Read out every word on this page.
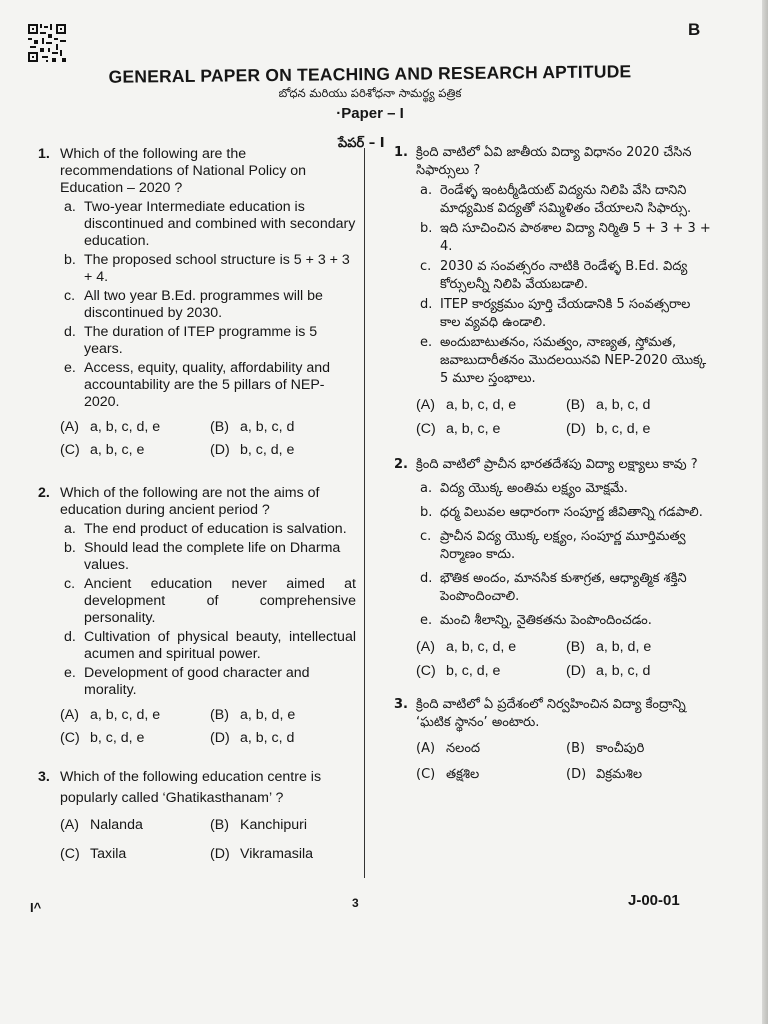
B
GENERAL PAPER ON TEACHING AND RESEARCH APTITUDE
బోధన మరియు పరిశోధనా సామర్థ్య పత్రిక
·Paper – I
పేపర్ – I
1. Which of the following are the recommendations of National Policy on Education – 2020 ?
a. Two-year Intermediate education is discontinued and combined with secondary education.
b. The proposed school structure is 5 + 3 + 3 + 4.
c. All two year B.Ed. programmes will be discontinued by 2030.
d. The duration of ITEP programme is 5 years.
e. Access, equity, quality, affordability and accountability are the 5 pillars of NEP-2020.
(A) a, b, c, d, e	(B) a, b, c, d
(C) a, b, c, e	(D) b, c, d, e
2. Which of the following are not the aims of education during ancient period ?
a. The end product of education is salvation.
b. Should lead the complete life on Dharma values.
c. Ancient education never aimed at development of comprehensive personality.
d. Cultivation of physical beauty, intellectual acumen and spiritual power.
e. Development of good character and morality.
(A) a, b, c, d, e	(B) a, b, d, e
(C) b, c, d, e	(D) a, b, c, d
3. Which of the following education centre is popularly called ‘Ghatikasthanam’ ?
(A) Nalanda	(B) Kanchipuri
(C) Taxila	(D) Vikramasila
1. క్రింది వాటిలో ఏవి జాతీయ విద్యా విధానం 2020 చేసిన సిఫార్సులు ?
a. రెండేళ్ళ ఇంటర్మీడియట్ విద్యను నిలిపి వేసి దానిని మాధ్యమిక విద్యతో సమ్మిళితం చేయాలని సిఫార్సు.
b. ఇది సూచించిన పాఠశాల విద్యా నిర్మితి 5 + 3 + 3 + 4.
c. 2030 వ సంవత్సరం నాటికి రెండేళ్ళ B.Ed. విద్య కోర్సులన్నీ నిలిపి వేయబడాలి.
d. ITEP కార్యక్రమం పూర్తి చేయడానికి 5 సంవత్సరాల కాల వ్యవధి ఉండాలి.
e. అందుబాటుతనం, సమత్వం, నాణ్యత, స్తోమత, జవాబుదారీతనం మొదలయినవి NEP-2020 యొక్క 5 మూల స్తంభాలు.
(A) a, b, c, d, e	(B) a, b, c, d
(C) a, b, c, e	(D) b, c, d, e
2. క్రింది వాటిలో ప్రాచీన భారతదేశపు విద్యా లక్ష్యాలు కావు ?
a. విద్య యొక్క అంతిమ లక్ష్యం మోక్షమే.
b. ధర్మ విలువల ఆధారంగా సంపూర్ణ జీవితాన్ని గడపాలి.
c. ప్రాచీన విద్య యొక్క లక్ష్యం, సంపూర్ణ మూర్తిమత్వ నిర్మాణం కాదు.
d. భౌతిక అందం, మానసిక కుశాగ్రత, ఆధ్యాత్మిక శక్తిని పెంపొందించాలి.
e. మంచి శీలాన్ని, నైతికతను పెంపొందించడం.
(A) a, b, c, d, e	(B) a, b, d, e
(C) b, c, d, e	(D) a, b, c, d
3. క్రింది వాటిలో ఏ ప్రదేశంలో నిర్వహించిన విద్యా కేంద్రాన్ని ‘ఘటిక స్థానం’ అంటారు.
(A) నలంద	(B) కాంచీపురి
(C) తక్షశిల	(D) విక్రమశిల
I^	3	J-00-01
